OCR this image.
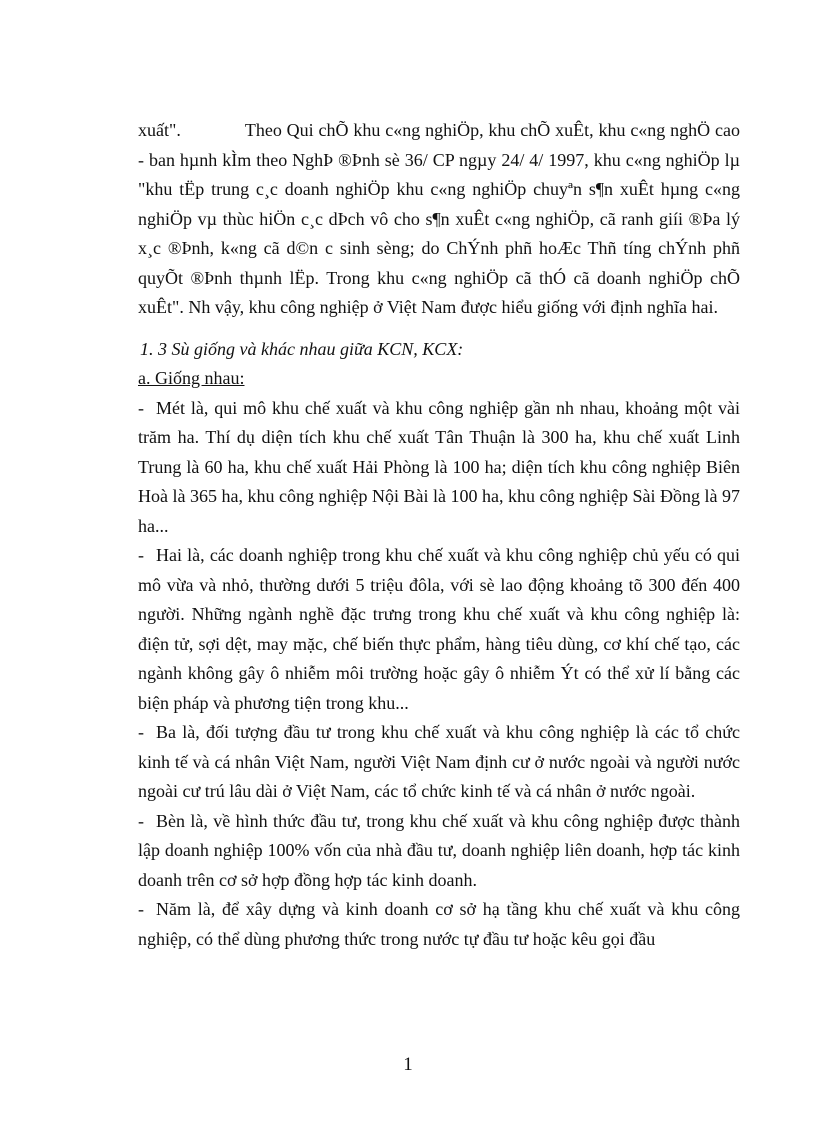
xuất".	Theo Qui chÕ khu c«ng nghiÖp, khu chÕ xuÊt, khu c«ng nghÖ cao - ban hµnh kÌm theo NghÞ ®Þnh sè 36/ CP ngµy 24/ 4/ 1997, khu c«ng nghiÖp lµ "khu tËp trung c¸c doanh nghiÖp khu c«ng nghiÖp chuyªn s¶n xuÊt hµng c«ng nghiÖp vµ thùc hiÖn c¸c dÞch vô cho s¶n xuÊt c«ng nghiÖp, cã ranh giíi ®Þa lý x¸c ®Þnh, k«ng cã d©n c sinh sèng; do ChÝnh phñ hoÆc Thñ tíng chÝnh phñ quyÕt ®Þnh thµnh lËp. Trong khu c«ng nghiÖp cã thÓ cã doanh nghiÖp chÕ xuÊt". Nh vậy, khu công nghiệp ở Việt Nam được hiểu giống với định nghĩa hai.

1. 3 Sù giống và khác nhau giữa KCN, KCX:

a. Giống nhau:

- Mét là, qui mô khu chế xuất và khu công nghiệp gần nh nhau, khoảng một vài trăm ha. Thí dụ diện tích khu chế xuất Tân Thuận là 300 ha, khu chế xuất Linh Trung là 60 ha, khu chế xuất Hải Phòng là 100 ha; diện tích khu công nghiệp Biên Hoà là 365 ha, khu công nghiệp Nội Bài là 100 ha, khu công nghiệp Sài Đồng là 97 ha...

- Hai là, các doanh nghiệp trong khu chế xuất và khu công nghiệp chủ yếu có qui mô vừa và nhỏ, thường dưới 5 triệu đôla, với sè lao động khoảng tõ 300 đến 400 người. Những ngành nghề đặc trưng trong khu chế xuất và khu công nghiệp là: điện tử, sợi dệt, may mặc, chế biến thực phẩm, hàng tiêu dùng, cơ khí chế tạo, các ngành không gây ô nhiễm môi trường hoặc gây ô nhiễm Ýt có thể xử lí bằng các biện pháp và phương tiện trong khu...

- Ba là, đối tượng đầu tư trong khu chế xuất và khu công nghiệp là các tổ chức kinh tế và cá nhân Việt Nam, người Việt Nam định cư ở nước ngoài và người nước ngoài cư trú lâu dài ở Việt Nam, các tổ chức kinh tế và cá nhân ở nước ngoài.

- Bèn là, về hình thức đầu tư, trong khu chế xuất và khu công nghiệp được thành lập doanh nghiệp 100% vốn của nhà đầu tư, doanh nghiệp liên doanh, hợp tác kinh doanh trên cơ sở hợp đồng hợp tác kinh doanh.

- Năm là, để xây dựng và kinh doanh cơ sở hạ tầng khu chế xuất và khu công nghiệp, có thể dùng phương thức trong nước tự đầu tư hoặc kêu gọi đầu

1
